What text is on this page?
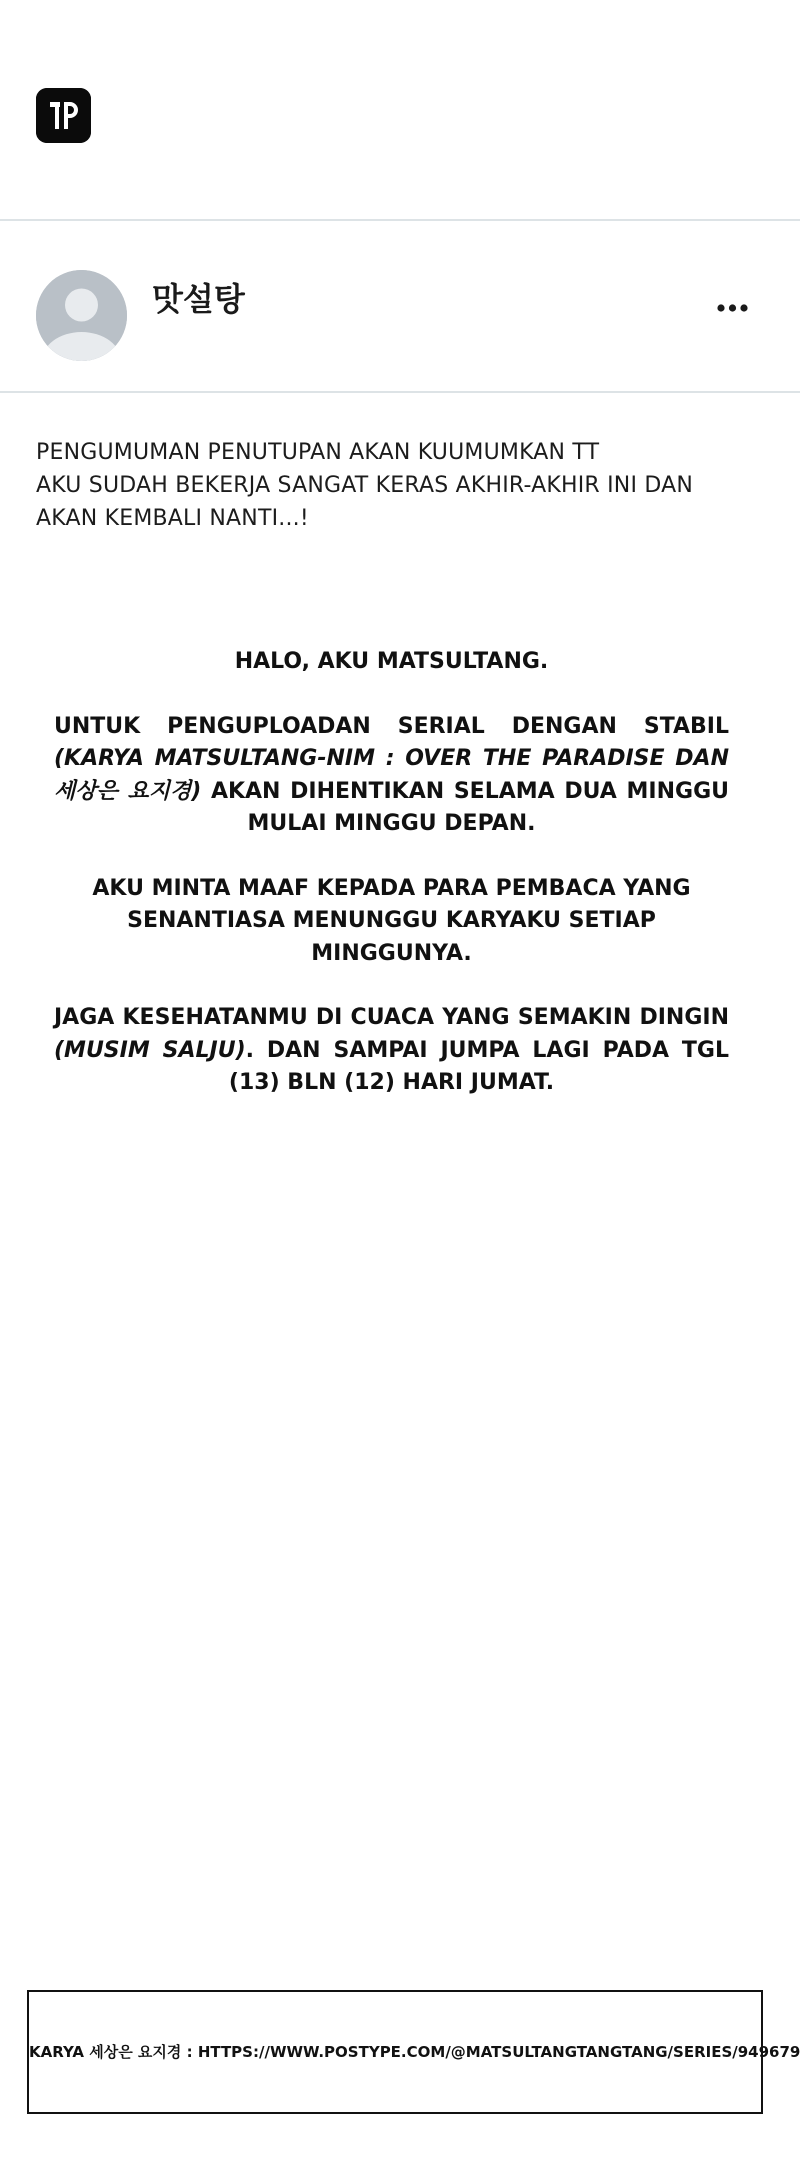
맛설탕
PENGUMUMAN PENUTUPAN AKAN KUUMUMKAN TT
AKU SUDAH BEKERJA SANGAT KERAS AKHIR-AKHIR INI DAN
AKAN KEMBALI NANTI...!

HALO, AKU MATSULTANG.

UNTUK PENGUPLOADAN SERIAL DENGAN STABIL (KARYA MATSULTANG-NIM : OVER THE PARADISE DAN 세상은 요지경) AKAN DIHENTIKAN SELAMA DUA MINGGU MULAI MINGGU DEPAN.

AKU MINTA MAAF KEPADA PARA PEMBACA YANG SENANTIASA MENUNGGU KARYAKU SETIAP MINGGUNYA.

JAGA KESEHATANMU DI CUACA YANG SEMAKIN DINGIN (MUSIM SALJU). DAN SAMPAI JUMPA LAGI PADA TGL (13) BLN (12) HARI JUMAT.

KARYA 세상은 요지경 : HTTPS://WWW.POSTYPE.COM/@MATSULTANGTANGTANG/SERIES/949679
